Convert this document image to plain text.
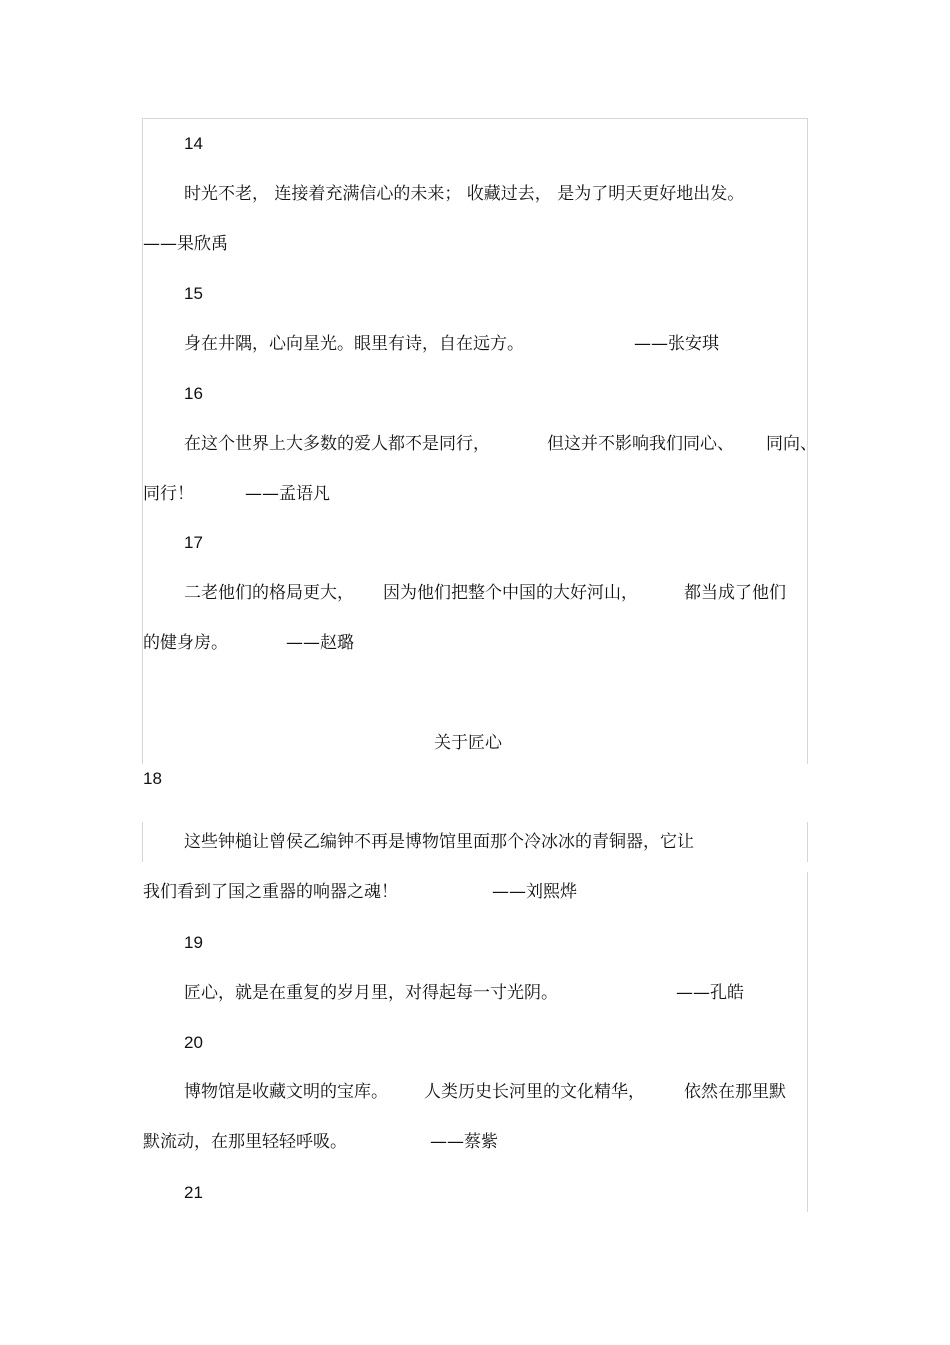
14
时光不老， 连接着充满信心的未来； 收藏过去， 是为了明天更好地出发。
——果欣禹
15
身在井隅，心向星光。眼里有诗，自在远方。	——张安琪
16
在这个世界上大多数的爱人都不是同行，	但这并不影响我们同心、 同向、
同行！	——孟语凡
17
二老他们的格局更大， 因为他们把整个中国的大好河山，	都当成了他们
的健身房。	——赵璐
关于匠心
18
这些钟槌让曾侯乙编钟不再是博物馆里面那个冷冰冰的青铜器，它让
我们看到了国之重器的响器之魂！	——刘熙烨
19
匠心，就是在重复的岁月里，对得起每一寸光阴。	——孔皓
20
博物馆是收藏文明的宝库。 人类历史长河里的文化精华， 依然在那里默
默流动，在那里轻轻呼吸。	——蔡紫
21
